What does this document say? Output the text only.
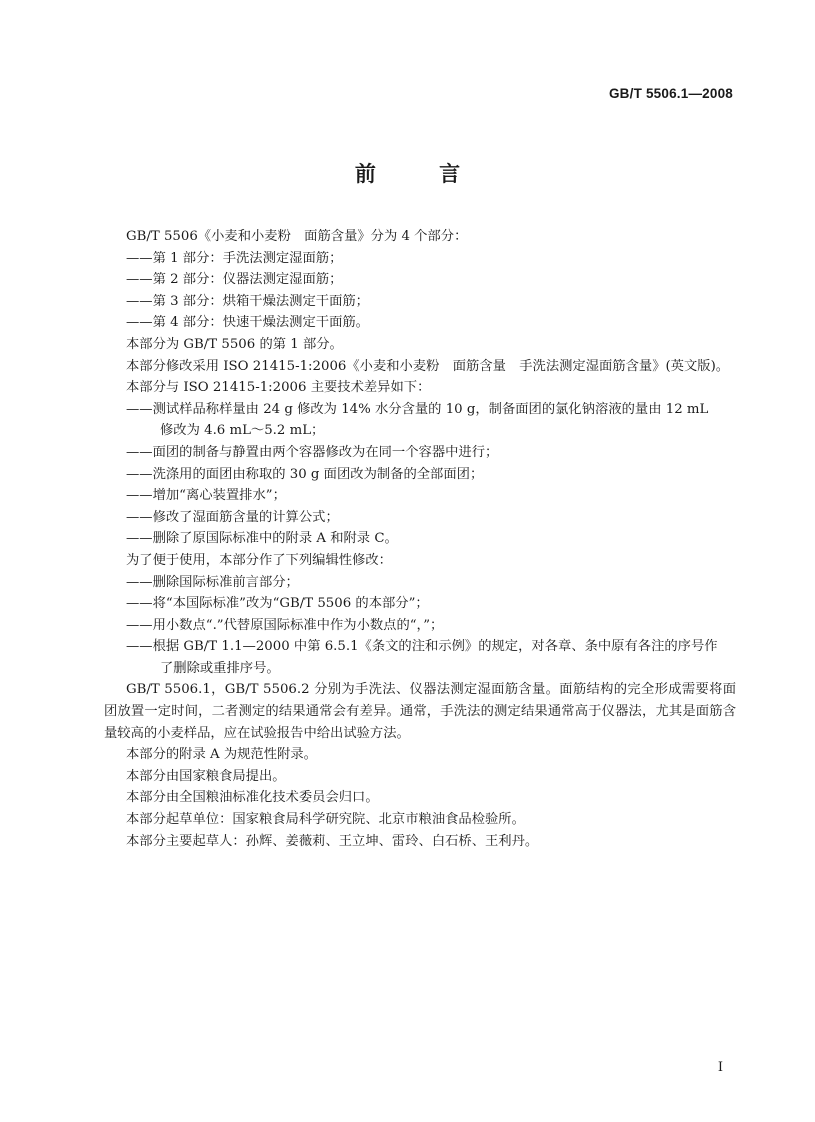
GB/T 5506.1—2008
前 言

GB/T 5506《小麦和小麦粉　面筋含量》分为 4 个部分：

——第 1 部分：手洗法测定湿面筋；

——第 2 部分：仪器法测定湿面筋；

——第 3 部分：烘箱干燥法测定干面筋；

——第 4 部分：快速干燥法测定干面筋。

本部分为 GB/T 5506 的第 1 部分。

本部分修改采用 ISO 21415-1:2006《小麦和小麦粉　面筋含量　手洗法测定湿面筋含量》(英文版)。

本部分与 ISO 21415-1:2006 主要技术差异如下：

——测试样品称样量由 24 g 修改为 14% 水分含量的 10 g，制备面团的氯化钠溶液的量由 12 mL
修改为 4.6 mL～5.2 mL；

——面团的制备与静置由两个容器修改为在同一个容器中进行；

——洗涤用的面团由称取的 30 g 面团改为制备的全部面团；

——增加“离心装置排水”；

——修改了湿面筋含量的计算公式；

——删除了原国际标准中的附录 A 和附录 C。

为了便于使用，本部分作了下列编辑性修改：

——删除国际标准前言部分；

——将“本国际标准”改为“GB/T 5506 的本部分”；

——用小数点“.”代替原国际标准中作为小数点的“，”；

——根据 GB/T 1.1—2000 中第 6.5.1《条文的注和示例》的规定，对各章、条中原有各注的序号作
了删除或重排序号。

GB/T 5506.1，GB/T 5506.2 分别为手洗法、仪器法测定湿面筋含量。面筋结构的完全形成需要将面团放置一定时间，二者测定的结果通常会有差异。通常，手洗法的测定结果通常高于仪器法，尤其是面筋含量较高的小麦样品，应在试验报告中给出试验方法。

本部分的附录 A 为规范性附录。

本部分由国家粮食局提出。

本部分由全国粮油标准化技术委员会归口。

本部分起草单位：国家粮食局科学研究院、北京市粮油食品检验所。

本部分主要起草人：孙辉、姜薇莉、王立坤、雷玲、白石桥、王利丹。

I
